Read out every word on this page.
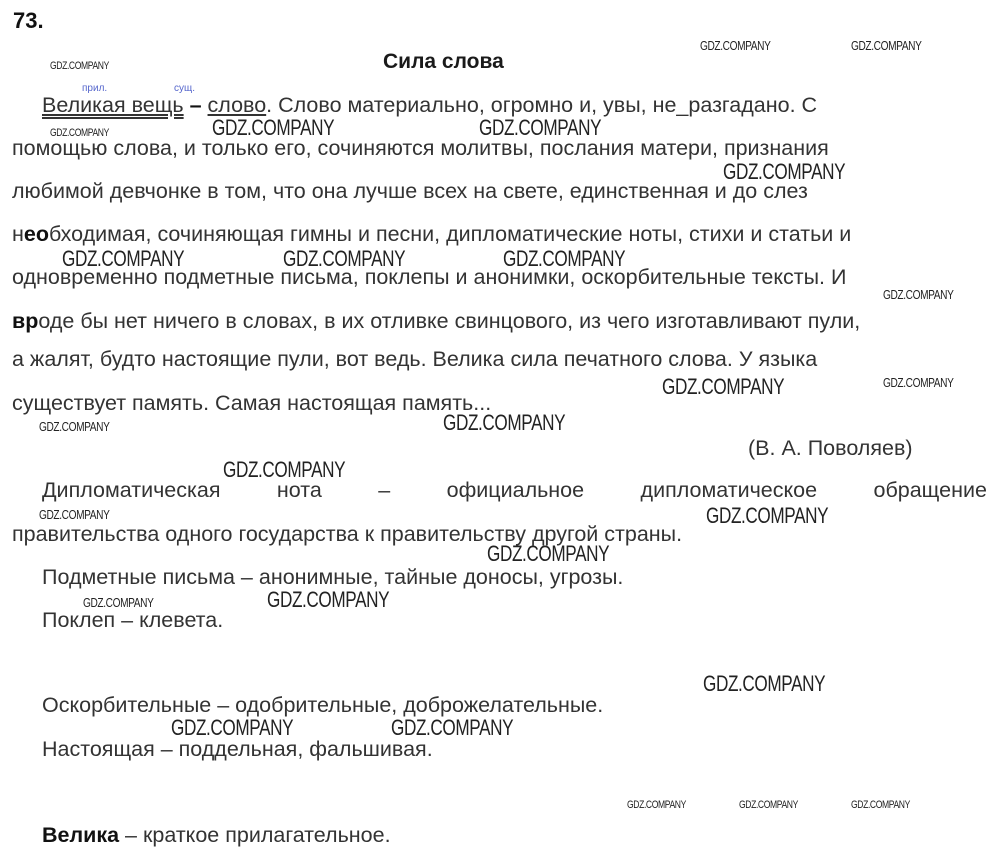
73.
Сила слова
прил.	сущ.
Великая вещь – слово. Слово материально, огромно и, увы, не_разгадано. С
помощью слова, и только его, сочиняются молитвы, послания матери, признания
любимой девчонке в том, что она лучше всех на свете, единственная и до слез
необходимая, сочиняющая гимны и песни, дипломатические ноты, стихи и статьи и
одновременно подметные письма, поклепы и анонимки, оскорбительные тексты. И
вроде бы нет ничего в словах, в их отливке свинцового, из чего изготавливают пули,
а жалят, будто настоящие пули, вот ведь. Велика сила печатного слова. У языка
существует память. Самая настоящая память...
(В. А. Поволяев)
Дипломатическая	нота	–	официальное	дипломатическое	обращение
правительства одного государства к правительству другой страны.
Подметные письма – анонимные, тайные доносы, угрозы.
Поклеп – клевета.
Оскорбительные – одобрительные, доброжелательные.
Настоящая – поддельная, фальшивая.
Велика – краткое прилагательное.
GDZ.COMPANY	GDZ.COMPANY
GDZ.COMPANY
GDZ.COMPANY	GDZ.COMPANY	GDZ.COMPANY
GDZ.COMPANY
GDZ.COMPANY	GDZ.COMPANY	GDZ.COMPANY
GDZ.COMPANY
GDZ.COMPANY	GDZ.COMPANY
GDZ.COMPANY	GDZ.COMPANY
GDZ.COMPANY
GDZ.COMPANY	GDZ.COMPANY
GDZ.COMPANY
GDZ.COMPANY	GDZ.COMPANY
GDZ.COMPANY
GDZ.COMPANY	GDZ.COMPANY
GDZ.COMPANY	GDZ.COMPANY	GDZ.COMPANY
